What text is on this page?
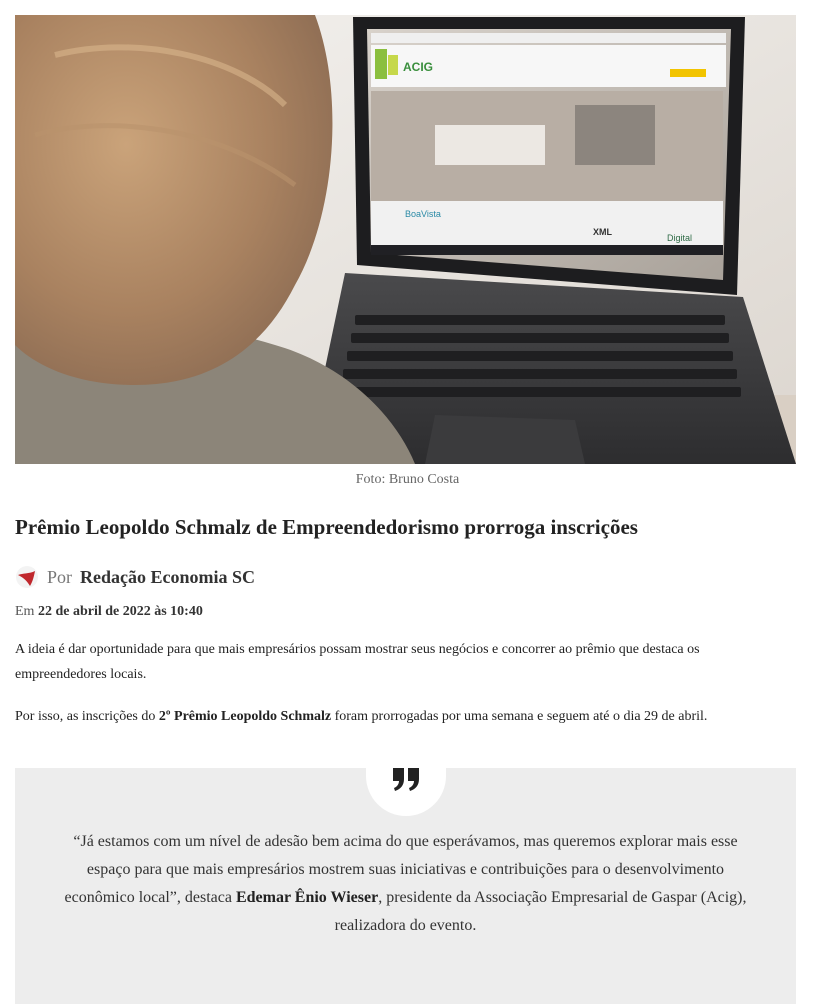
ACIG
BoaVista
XML
Digital
Foto: Bruno Costa
Prêmio Leopoldo Schmalz de Empreendedorismo prorroga inscrições
Por Redação Economia SC
Em 22 de abril de 2022 às 10:40

A ideia é dar oportunidade para que mais empresários possam mostrar seus negócios e concorrer ao prêmio que destaca os empreendedores locais.

Por isso, as inscrições do 2º Prêmio Leopoldo Schmalz foram prorrogadas por uma semana e seguem até o dia 29 de abril.

“Já estamos com um nível de adesão bem acima do que esperávamos, mas queremos explorar mais esse espaço para que mais empresários mostrem suas iniciativas e contribuições para o desenvolvimento econômico local”, destaca Edemar Ênio Wieser, presidente da Associação Empresarial de Gaspar (Acig), realizadora do evento.
